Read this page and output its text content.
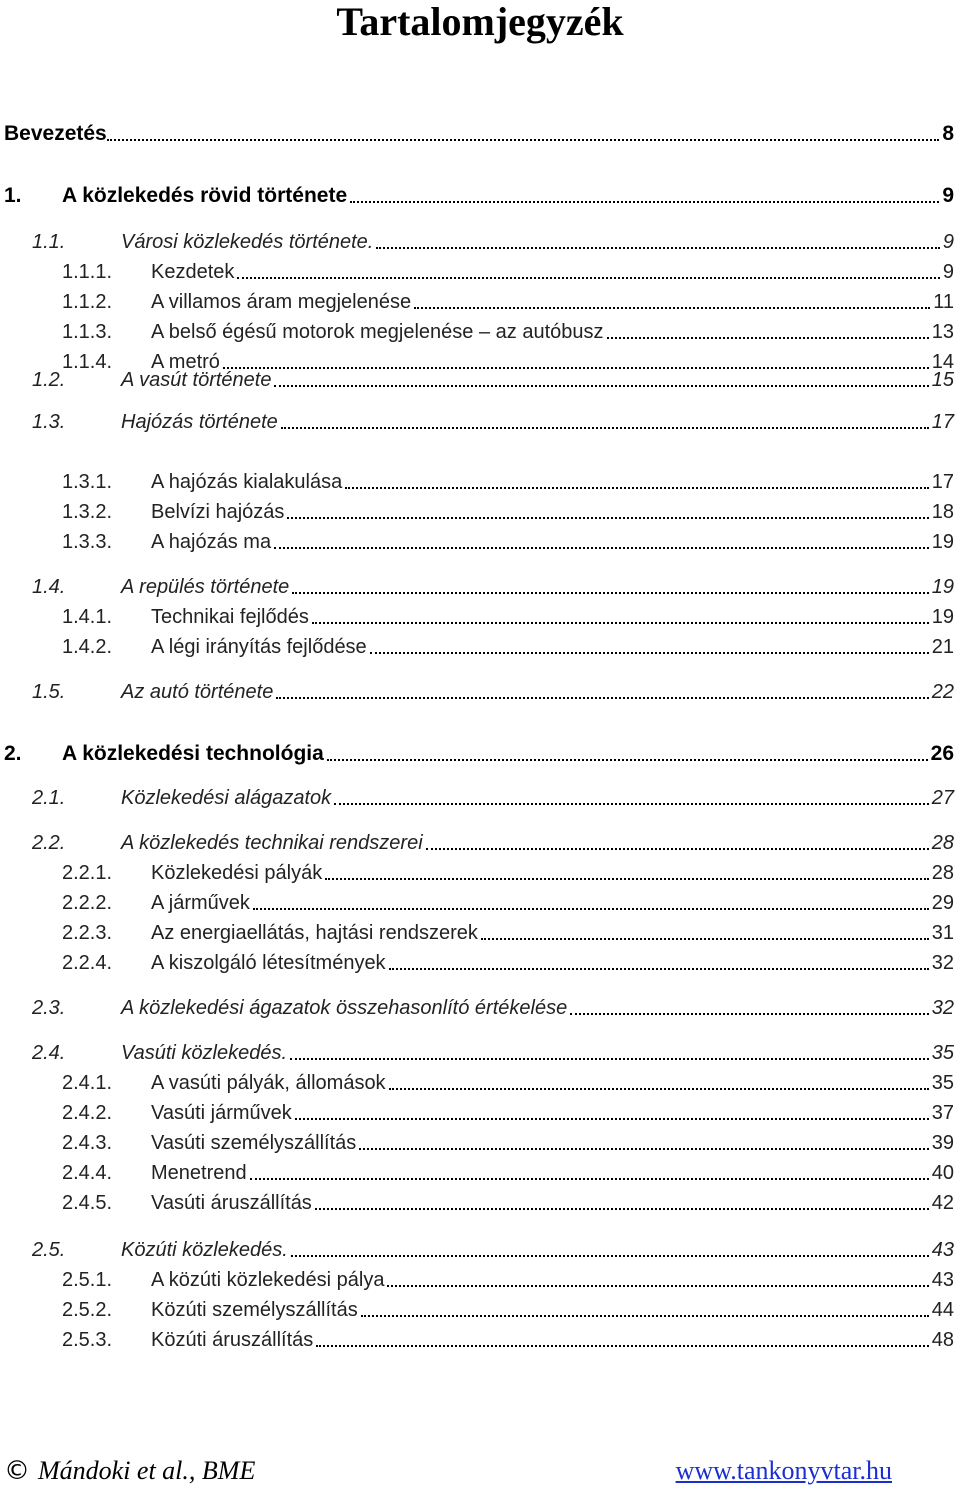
Tartalomjegyzék
Bevezetés	8
1. A közlekedés rövid története	9
1.1.	Városi közlekedés története.	9
1.1.1. Kezdetek	9
1.1.2. A villamos áram megjelenése	11
1.1.3. A belső égésű motorok megjelenése – az autóbusz	13
1.1.4. A metró	14
1.2.	A vasút története	15
1.3.	Hajózás története	17
1.3.1. A hajózás kialakulása	17
1.3.2. Belvízi hajózás	18
1.3.3. A hajózás ma	19
1.4.	A repülés története	19
1.4.1. Technikai fejlődés	19
1.4.2. A légi irányítás fejlődése	21
1.5.	Az autó története	22
2. A közlekedési technológia	26
2.1.	Közlekedési alágazatok	27
2.2.	A közlekedés technikai rendszerei	28
2.2.1. Közlekedési pályák	28
2.2.2. A járművek	29
2.2.3. Az energiaellátás, hajtási rendszerek	31
2.2.4. A kiszolgáló létesítmények	32
2.3.	A közlekedési ágazatok összehasonlító értékelése	32
2.4.	Vasúti közlekedés.	35
2.4.1. A vasúti pályák, állomások	35
2.4.2. Vasúti járművek	37
2.4.3. Vasúti személyszállítás	39
2.4.4. Menetrend	40
2.4.5. Vasúti áruszállítás	42
2.5.	Közúti közlekedés.	43
2.5.1. A közúti közlekedési pálya	43
2.5.2. Közúti személyszállítás	44
2.5.3. Közúti áruszállítás	48
© Mándoki et al., BME	www.tankonyvtar.hu
